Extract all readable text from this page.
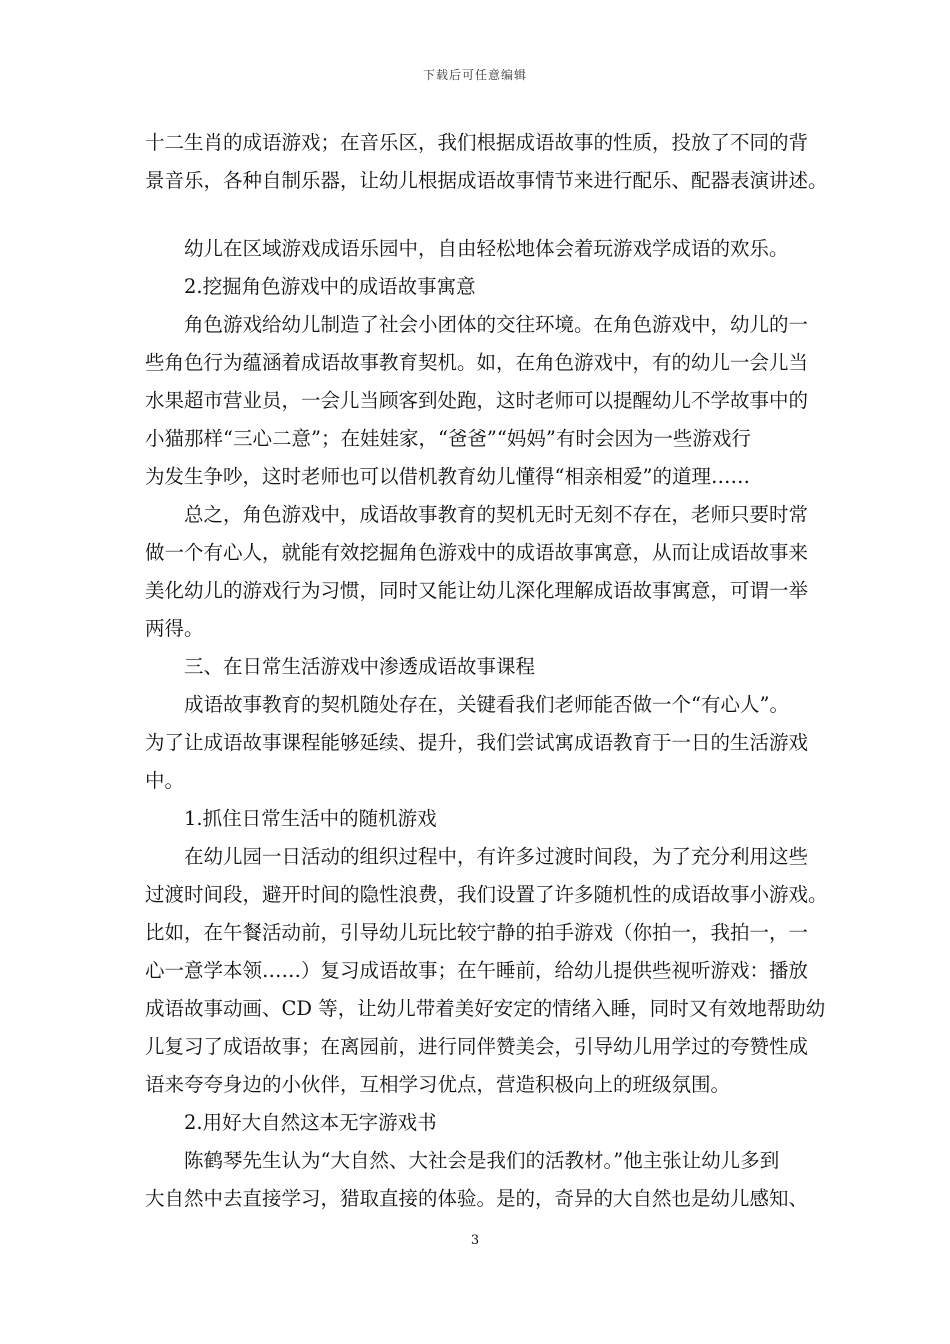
下载后可任意编辑
十二生肖的成语游戏；在音乐区，我们根据成语故事的性质，投放了不同的背
景音乐，各种自制乐器，让幼儿根据成语故事情节来进行配乐、配器表演讲述。
幼儿在区域游戏成语乐园中，自由轻松地体会着玩游戏学成语的欢乐。
2.挖掘角色游戏中的成语故事寓意
角色游戏给幼儿制造了社会小团体的交往环境。在角色游戏中，幼儿的一
些角色行为蕴涵着成语故事教育契机。如，在角色游戏中，有的幼儿一会儿当
水果超市营业员，一会儿当顾客到处跑，这时老师可以提醒幼儿不学故事中的
小猫那样“三心二意”；在娃娃家，“爸爸”“妈妈”有时会因为一些游戏行
为发生争吵，这时老师也可以借机教育幼儿懂得“相亲相爱”的道理……
总之，角色游戏中，成语故事教育的契机无时无刻不存在，老师只要时常
做一个有心人，就能有效挖掘角色游戏中的成语故事寓意，从而让成语故事来
美化幼儿的游戏行为习惯，同时又能让幼儿深化理解成语故事寓意，可谓一举
两得。
三、在日常生活游戏中渗透成语故事课程
成语故事教育的契机随处存在，关键看我们老师能否做一个“有心人”。
为了让成语故事课程能够延续、提升，我们尝试寓成语教育于一日的生活游戏
中。
1.抓住日常生活中的随机游戏
在幼儿园一日活动的组织过程中，有许多过渡时间段，为了充分利用这些
过渡时间段，避开时间的隐性浪费，我们设置了许多随机性的成语故事小游戏。
比如，在午餐活动前，引导幼儿玩比较宁静的拍手游戏（你拍一，我拍一，一
心一意学本领……）复习成语故事；在午睡前，给幼儿提供些视听游戏：播放
成语故事动画、CD 等，让幼儿带着美好安定的情绪入睡，同时又有效地帮助幼
儿复习了成语故事；在离园前，进行同伴赞美会，引导幼儿用学过的夸赞性成
语来夸夸身边的小伙伴，互相学习优点，营造积极向上的班级氛围。
2.用好大自然这本无字游戏书
陈鹤琴先生认为“大自然、大社会是我们的活教材。”他主张让幼儿多到
大自然中去直接学习，猎取直接的体验。是的，奇异的大自然也是幼儿感知、
3
